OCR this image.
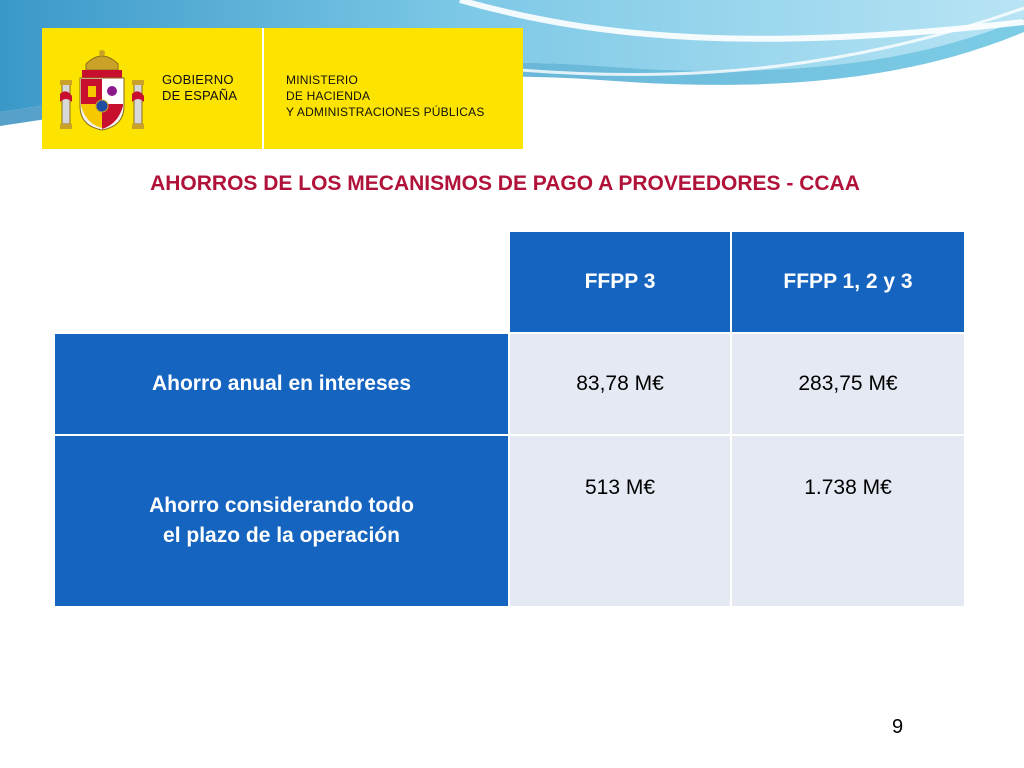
GOBIERNO
DE ESPAÑA
MINISTERIO
DE HACIENDA
Y ADMINISTRACIONES PÚBLICAS
AHORROS DE LOS MECANISMOS DE PAGO A PROVEEDORES - CCAA
	FFPP 3	FFPP 1, 2 y 3

Ahorro anual en intereses	83,78 M€	283,75 M€

Ahorro considerando todo
el plazo de la operación	513 M€	1.738 M€
9
